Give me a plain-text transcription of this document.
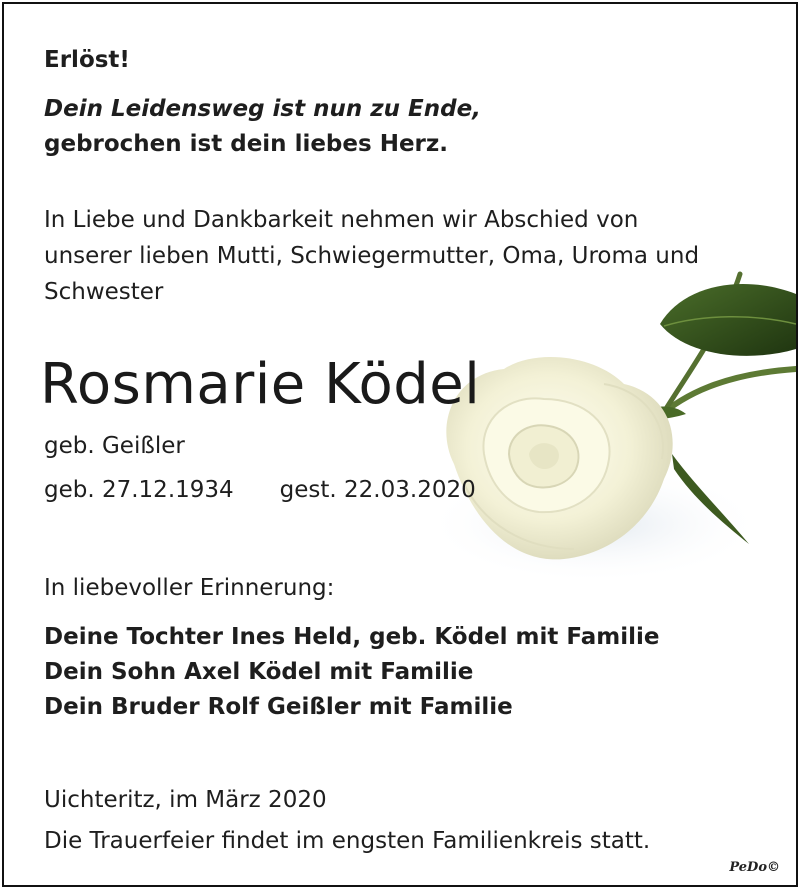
Erlöst!

Dein Leidensweg ist nun zu Ende,

gebrochen ist dein liebes Herz.

In Liebe und Dankbarkeit nehmen wir Abschied von

unserer lieben Mutti, Schwiegermutter, Oma, Uroma und

Schwester

Rosmarie Ködel

geb. Geißler

geb. 27.12.1934 gest. 22.03.2020

In liebevoller Erinnerung:

Deine Tochter Ines Held, geb. Ködel mit Familie

Dein Sohn Axel Ködel mit Familie

Dein Bruder Rolf Geißler mit Familie

Uichteritz, im März 2020

Die Trauerfeier findet im engsten Familienkreis statt.

PeDo©
